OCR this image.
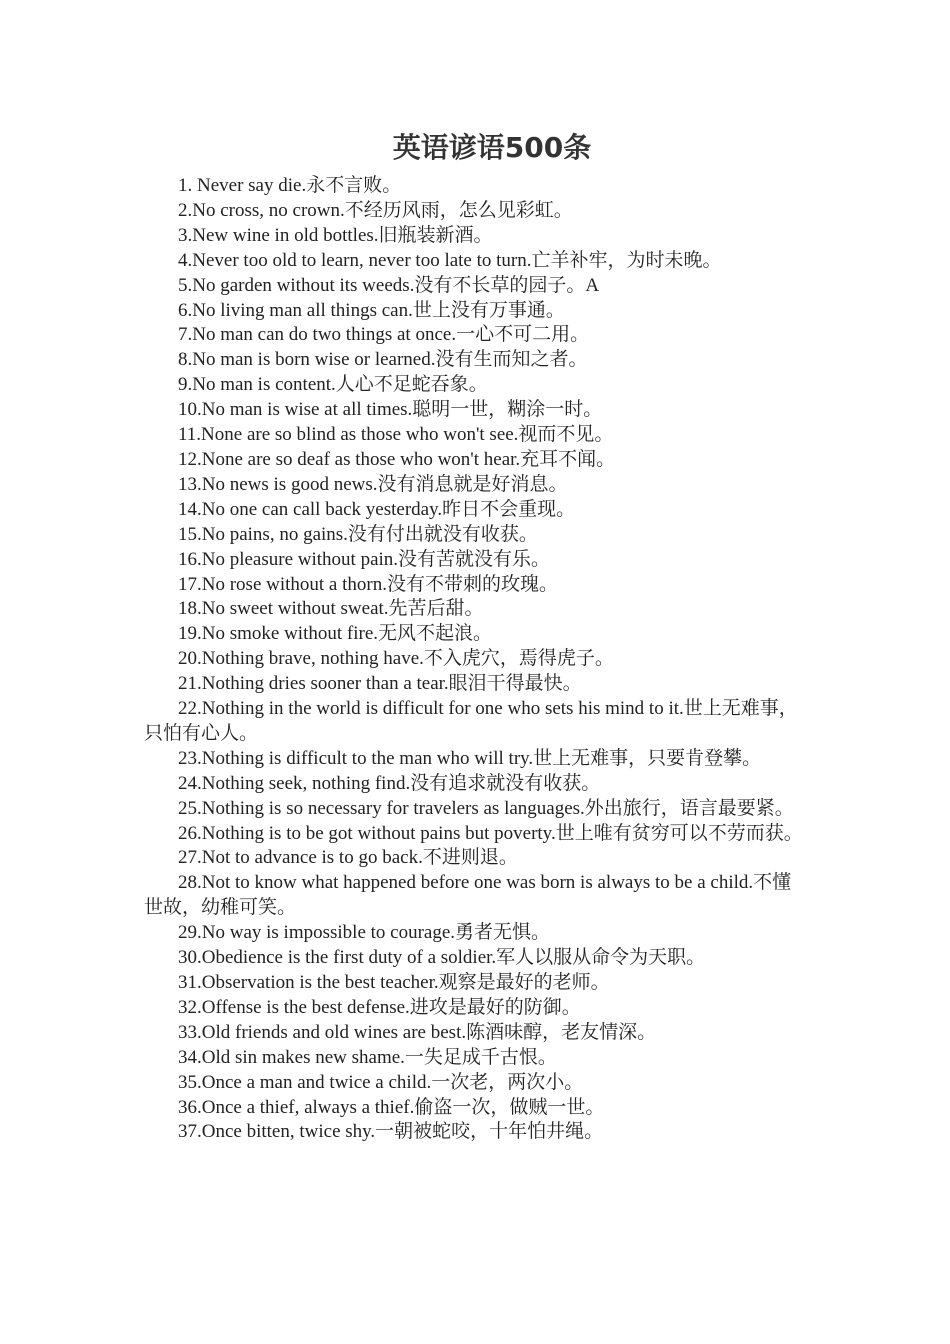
英语谚语500条
1. Never say die.永不言败。
2.No cross, no crown.不经历风雨，怎么见彩虹。
3.New wine in old bottles.旧瓶装新酒。
4.Never too old to learn, never too late to turn.亡羊补牢，为时未晚。
5.No garden without its weeds.没有不长草的园子。A
6.No living man all things can.世上没有万事通。
7.No man can do two things at once.一心不可二用。
8.No man is born wise or learned.没有生而知之者。
9.No man is content.人心不足蛇吞象。
10.No man is wise at all times.聪明一世，糊涂一时。
11.None are so blind as those who won't see.视而不见。
12.None are so deaf as those who won't hear.充耳不闻。
13.No news is good news.没有消息就是好消息。
14.No one can call back yesterday.昨日不会重现。
15.No pains, no gains.没有付出就没有收获。
16.No pleasure without pain.没有苦就没有乐。
17.No rose without a thorn.没有不带刺的玫瑰。
18.No sweet without sweat.先苦后甜。
19.No smoke without fire.无风不起浪。
20.Nothing brave, nothing have.不入虎穴，焉得虎子。
21.Nothing dries sooner than a tear.眼泪干得最快。
22.Nothing in the world is difficult for one who sets his mind to it.世上无难事，只怕有心人。
23.Nothing is difficult to the man who will try.世上无难事，只要肯登攀。
24.Nothing seek, nothing find.没有追求就没有收获。
25.Nothing is so necessary for travelers as languages.外出旅行，语言最要紧。
26.Nothing is to be got without pains but poverty.世上唯有贫穷可以不劳而获。
27.Not to advance is to go back.不进则退。
28.Not to know what happened before one was born is always to be a child.不懂世故，幼稚可笑。
29.No way is impossible to courage.勇者无惧。
30.Obedience is the first duty of a soldier.军人以服从命令为天职。
31.Observation is the best teacher.观察是最好的老师。
32.Offense is the best defense.进攻是最好的防御。
33.Old friends and old wines are best.陈酒味醇，老友情深。
34.Old sin makes new shame.一失足成千古恨。
35.Once a man and twice a child.一次老，两次小。
36.Once a thief, always a thief.偷盗一次，做贼一世。
37.Once bitten, twice shy.一朝被蛇咬，十年怕井绳。
